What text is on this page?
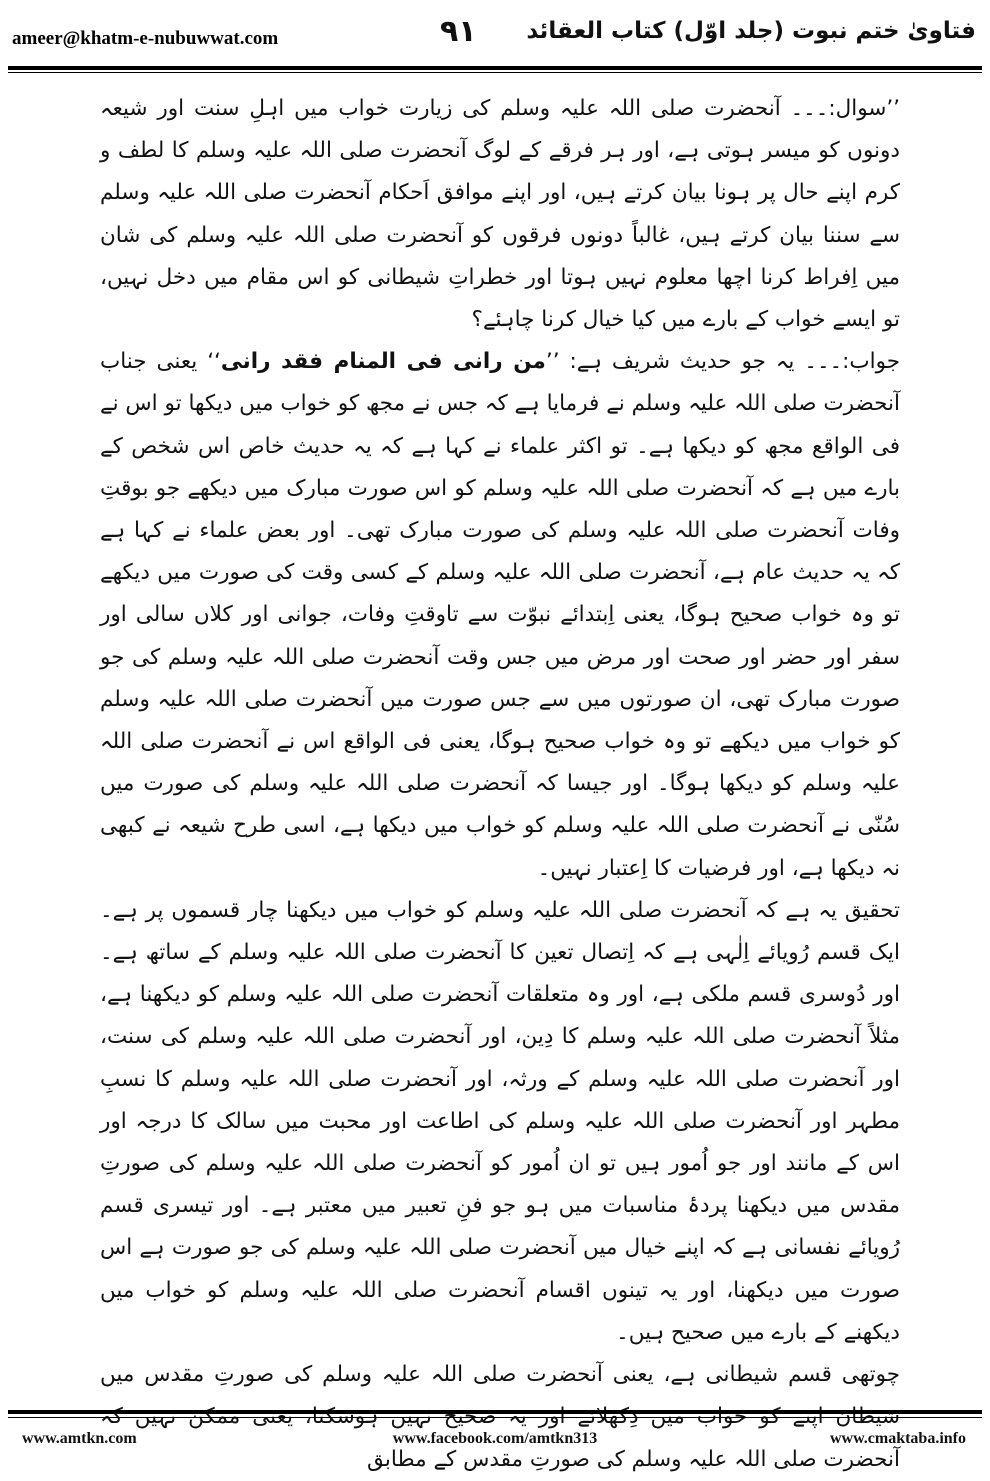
ameer@khatm-e-nubuwwat.com	۹۱ فتاویٰ ختم نبوت (جلد اوّل) کتاب العقائد

’’سوال:۔۔۔ آنحضرت صلی اللہ علیہ وسلم کی زیارت خواب میں اہلِ سنت اور شیعہ دونوں کو میسر ہوتی ہے، اور ہر فرقے کے لوگ آنحضرت صلی اللہ علیہ وسلم کا لطف و کرم اپنے حال پر ہونا بیان کرتے ہیں، اور اپنے موافق اَحکام آنحضرت صلی اللہ علیہ وسلم سے سننا بیان کرتے ہیں، غالباً دونوں فرقوں کو آنحضرت صلی اللہ علیہ وسلم کی شان میں اِفراط کرنا اچھا معلوم نہیں ہوتا اور خطراتِ شیطانی کو اس مقام میں دخل نہیں، تو ایسے خواب کے بارے میں کیا خیال کرنا چاہئے؟

جواب:۔۔۔ یہ جو حدیث شریف ہے: ’’من رانی فی المنام فقد رانی‘‘ یعنی جناب آنحضرت صلی اللہ علیہ وسلم نے فرمایا ہے کہ جس نے مجھ کو خواب میں دیکھا تو اس نے فی الواقع مجھ کو دیکھا ہے۔ تو اکثر علماء نے کہا ہے کہ یہ حدیث خاص اس شخص کے بارے میں ہے کہ آنحضرت صلی اللہ علیہ وسلم کو اس صورت مبارک میں دیکھے جو بوقتِ وفات آنحضرت صلی اللہ علیہ وسلم کی صورت مبارک تھی۔ اور بعض علماء نے کہا ہے کہ یہ حدیث عام ہے، آنحضرت صلی اللہ علیہ وسلم کے کسی وقت کی صورت میں دیکھے تو وہ خواب صحیح ہوگا، یعنی اِبتدائے نبوّت سے تاوقتِ وفات، جوانی اور کلاں سالی اور سفر اور حضر اور صحت اور مرض میں جس وقت آنحضرت صلی اللہ علیہ وسلم کی جو صورت مبارک تھی، ان صورتوں میں سے جس صورت میں آنحضرت صلی اللہ علیہ وسلم کو خواب میں دیکھے تو وہ خواب صحیح ہوگا، یعنی فی الواقع اس نے آنحضرت صلی اللہ علیہ وسلم کو دیکھا ہوگا۔ اور جیسا کہ آنحضرت صلی اللہ علیہ وسلم کی صورت میں سُنّی نے آنحضرت صلی اللہ علیہ وسلم کو خواب میں دیکھا ہے، اسی طرح شیعہ نے کبھی نہ دیکھا ہے، اور فرضیات کا اِعتبار نہیں۔

تحقیق یہ ہے کہ آنحضرت صلی اللہ علیہ وسلم کو خواب میں دیکھنا چار قسموں پر ہے۔ ایک قسم رُویائے اِلٰہی ہے کہ اِتصال تعین کا آنحضرت صلی اللہ علیہ وسلم کے ساتھ ہے۔ اور دُوسری قسم ملکی ہے، اور وہ متعلقات آنحضرت صلی اللہ علیہ وسلم کو دیکھنا ہے، مثلاً آنحضرت صلی اللہ علیہ وسلم کا دِین، اور آنحضرت صلی اللہ علیہ وسلم کی سنت، اور آنحضرت صلی اللہ علیہ وسلم کے ورثہ، اور آنحضرت صلی اللہ علیہ وسلم کا نسبِ مطہر اور آنحضرت صلی اللہ علیہ وسلم کی اطاعت اور محبت میں سالک کا درجہ اور اس کے مانند اور جو اُمور ہیں تو ان اُمور کو آنحضرت صلی اللہ علیہ وسلم کی صورتِ مقدس میں دیکھنا پردۂ مناسبات میں ہو جو فنِ تعبیر میں معتبر ہے۔ اور تیسری قسم رُویائے نفسانی ہے کہ اپنے خیال میں آنحضرت صلی اللہ علیہ وسلم کی جو صورت ہے اس صورت میں دیکھنا، اور یہ تینوں اقسام آنحضرت صلی اللہ علیہ وسلم کو خواب میں دیکھنے کے بارے میں صحیح ہیں۔

چوتھی قسم شیطانی ہے، یعنی آنحضرت صلی اللہ علیہ وسلم کی صورتِ مقدس میں کو یہ آنحضرت صلی اللہ علیہ وسلم کی صورتِ مقدس کے مطابق

www.amtkn.com	www.facebook.com/amtkn313	www.cmaktaba.info
